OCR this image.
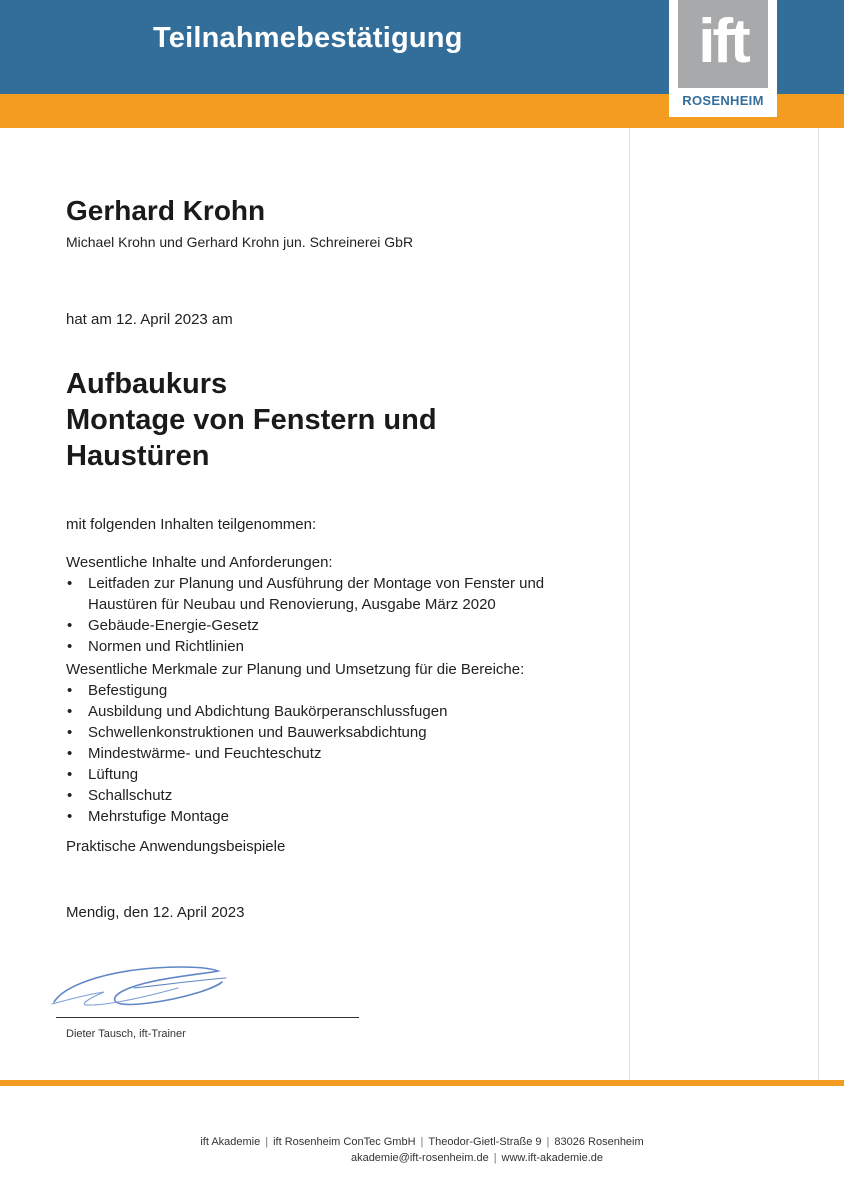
Teilnahmebestätigung	ift
ROSENHEIM
Gerhard Krohn
Michael Krohn und Gerhard Krohn jun. Schreinerei GbR
hat am 12. April 2023 am
Aufbaukurs
Montage von Fenstern und
Haustüren

mit folgenden Inhalten teilgenommen:

Wesentliche Inhalte und Anforderungen:

• Leitfaden zur Planung und Ausführung der Montage von Fenster und
Haustüren für Neubau und Renovierung, Ausgabe März 2020
• Gebäude-Energie-Gesetz
• Normen und Richtlinien

Wesentliche Merkmale zur Planung und Umsetzung für die Bereiche:

• Befestigung
• Ausbildung und Abdichtung Baukörperanschlussfugen
• Schwellenkonstruktionen und Bauwerksabdichtung
• Mindestwärme- und Feuchteschutz
• Lüftung
• Schallschutz
• Mehrstufige Montage

Praktische Anwendungsbeispiele

Mendig, den 12. April 2023
Dieter Tausch, ift-Trainer
ift Akademie | ift Rosenheim ConTec GmbH | Theodor-Gietl-Straße 9 | 83026 Rosenheim
akademie@ift-rosenheim.de | www.ift-akademie.de
